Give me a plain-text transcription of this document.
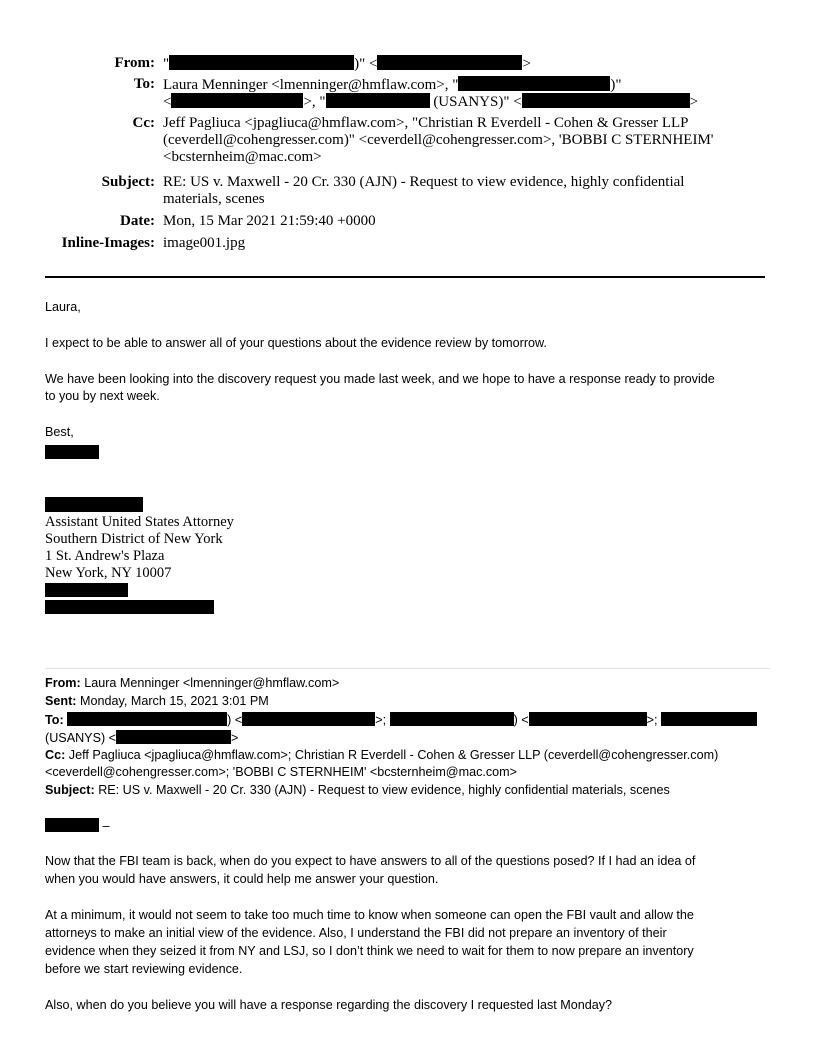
From: "	)" <	>
To: Laura Menninger <lmenninger@hmflaw.com>, "	)"
<	>, "	(USANYS)" <	>
Cc: Jeff Pagliuca <jpagliuca@hmflaw.com>, "Christian R Everdell - Cohen & Gresser LLP
(ceverdell@cohengresser.com)" <ceverdell@cohengresser.com>, 'BOBBI C STERNHEIM'
<bcsternheim@mac.com>
Subject: RE: US v. Maxwell - 20 Cr. 330 (AJN) - Request to view evidence, highly confidential
materials, scenes
Date: Mon, 15 Mar 2021 21:59:40 +0000
Inline-Images: image001.jpg
Laura,
I expect to be able to answer all of your questions about the evidence review by tomorrow.
We have been looking into the discovery request you made last week, and we hope to have a response ready to provide
to you by next week.
Best,
Assistant United States Attorney
Southern District of New York
1 St. Andrew's Plaza
New York, NY 10007
From: Laura Menninger <lmenninger@hmflaw.com>
Sent: Monday, March 15, 2021 3:01 PM
To:	) <	>;	) <	>;
(USANYS) <	>
Cc: Jeff Pagliuca <jpagliuca@hmflaw.com>; Christian R Everdell - Cohen & Gresser LLP (ceverdell@cohengresser.com)
<ceverdell@cohengresser.com>; 'BOBBI C STERNHEIM' <bcsternheim@mac.com>
Subject: RE: US v. Maxwell - 20 Cr. 330 (AJN) - Request to view evidence, highly confidential materials, scenes
–
Now that the FBI team is back, when do you expect to have answers to all of the questions posed? If I had an idea of
when you would have answers, it could help me answer your question.
At a minimum, it would not seem to take too much time to know when someone can open the FBI vault and allow the
attorneys to make an initial view of the evidence. Also, I understand the FBI did not prepare an inventory of their
evidence when they seized it from NY and LSJ, so I don’t think we need to wait for them to now prepare an inventory
before we start reviewing evidence.
Also, when do you believe you will have a response regarding the discovery I requested last Monday?
